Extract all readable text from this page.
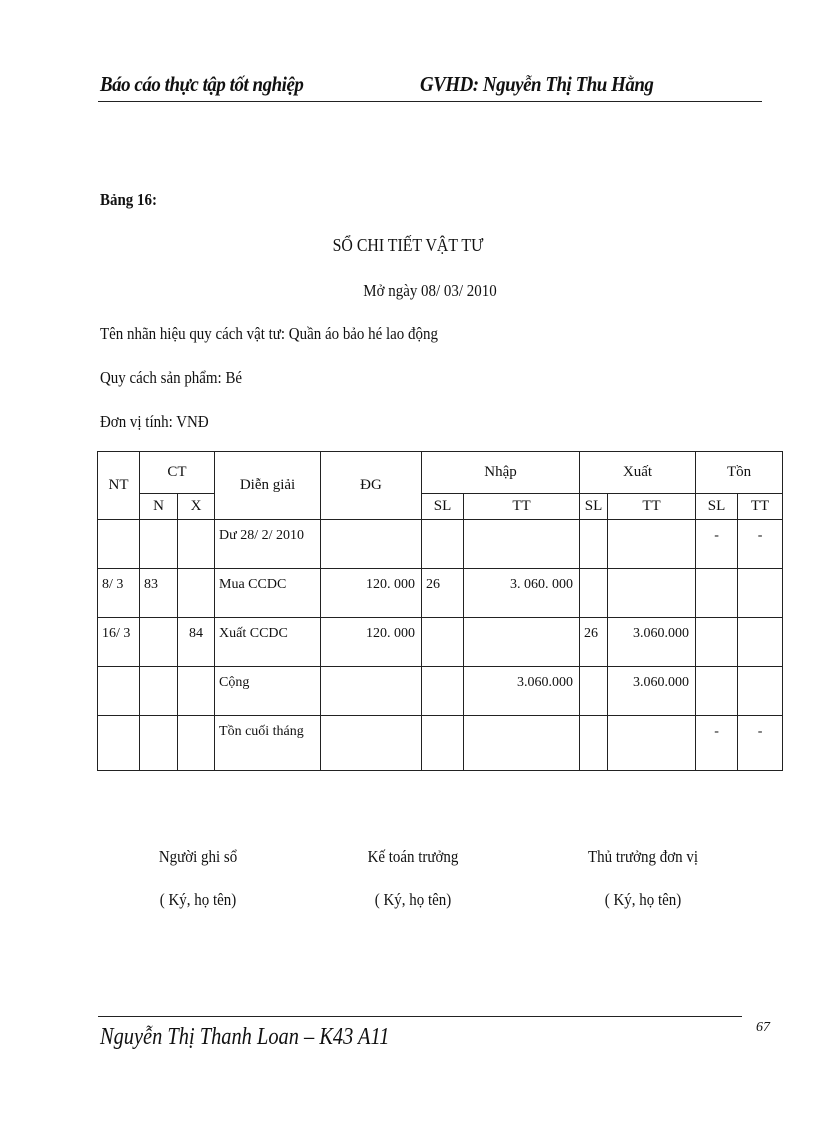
Báo cáo thực tập tốt nghiệp	GVHD: Nguyễn Thị Thu Hằng
Bảng 16:
SỔ CHI TIẾT VẬT TƯ
Mở ngày 08/ 03/ 2010
Tên nhãn hiệu quy cách vật tư: Quần áo bảo hé lao động
Quy cách sản phẩm: Bé
Đơn vị tính: VNĐ
NT	CT		Diễn giải	ĐG	Nhập		Xuất		Tồn	
	N	X			SL	TT	SL	TT	SL	TT
			Dư 28/ 2/ 2010						-	-
8/ 3	83		Mua CCDC	120. 000	26	3. 060. 000				
16/ 3		84	Xuất CCDC	120. 000			26	3.060.000		
			Cộng			3.060.000		3.060.000		
			Tồn cuối tháng						-	-
Người ghi sổ
( Ký, họ tên)
Kế toán trưởng
( Ký, họ tên)
Thủ trưởng đơn vị
( Ký, họ tên)
Nguyễn Thị Thanh Loan – K43 A11	67
